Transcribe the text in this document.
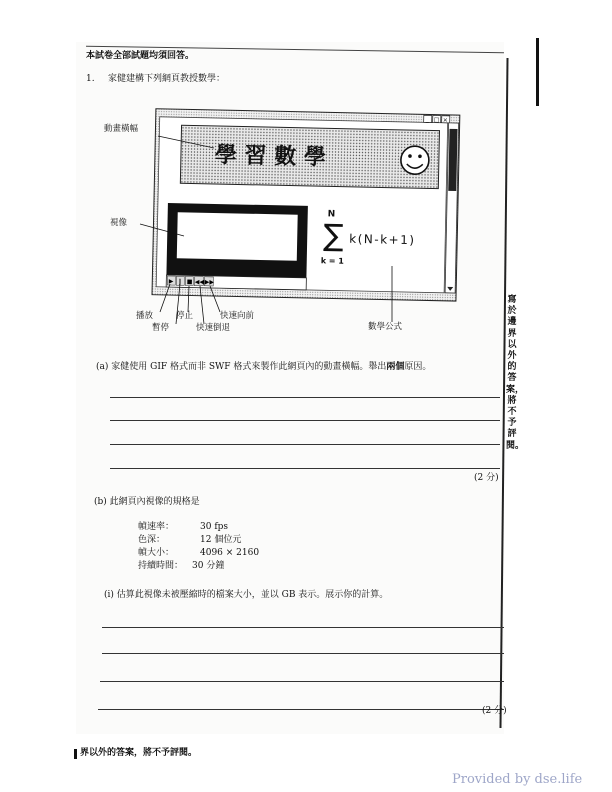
本試卷全部試題均須回答。
1. 家健建構下列網頁教授數學：
_ □ ×
學 習 數 學
▶ ‖ ■ ◀◀ ▶▶
N
∑ k(N-k+1)
k = 1
動畫橫幅
視像
播放
暫停
停止
快速倒退
快速向前
數學公式
(a) 家健使用 GIF 格式而非 SWF 格式來製作此網頁內的動畫橫幅。舉出兩個原因。
(2 分)
(b) 此網頁內視像的規格是
幀速率：	30 fps
色深：	12 個位元
幀大小：	4096 × 2160
持續時間： 30 分鐘
(i) 估算此視像未被壓縮時的檔案大小，並以 GB 表示。展示你的計算。
(2 分)
寫於邊界以外的答案，將不予評閱。
界以外的答案，將不予評閱。
Provided by dse.life
